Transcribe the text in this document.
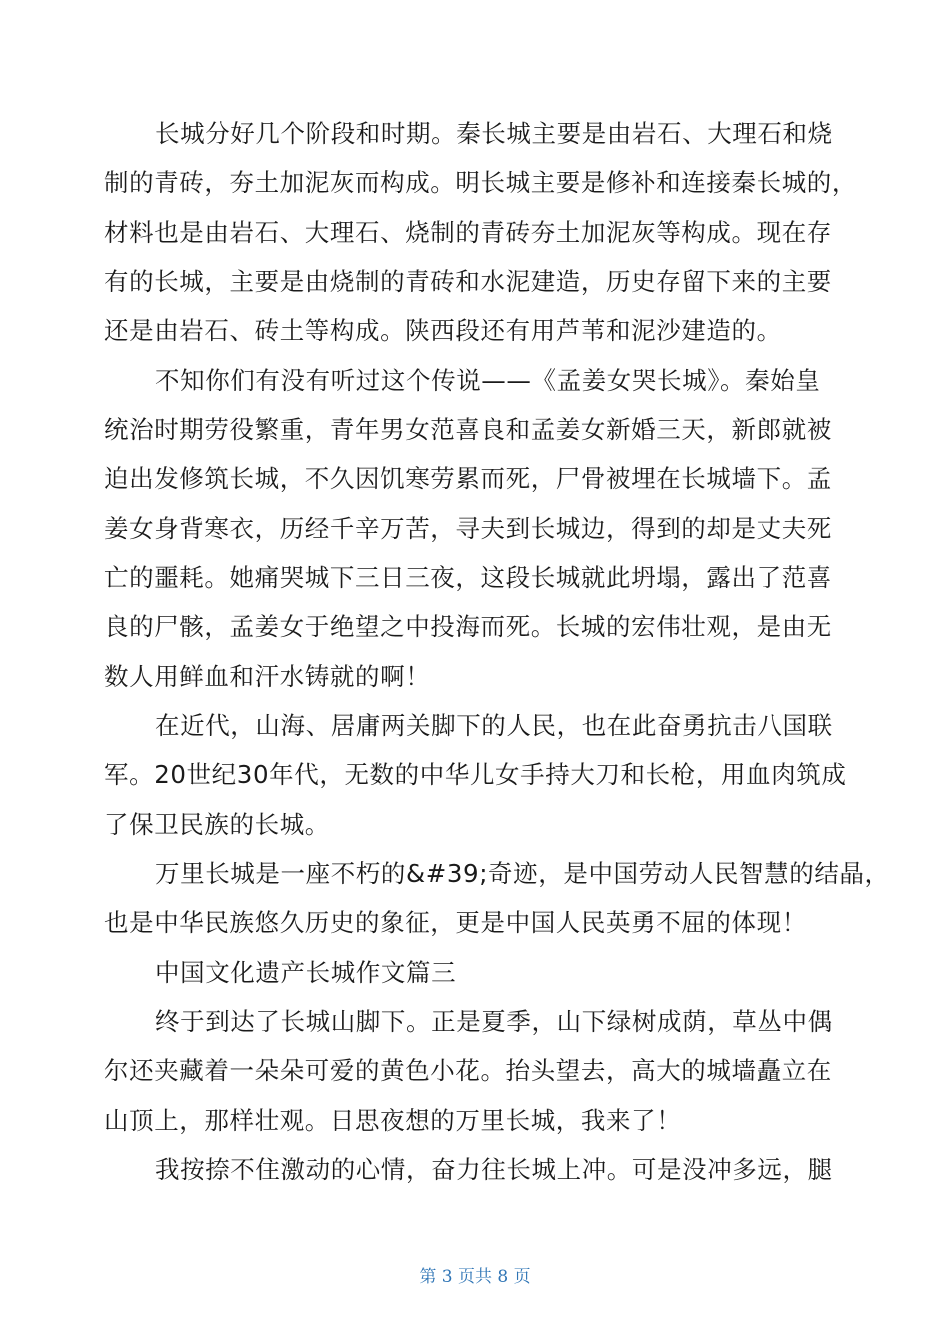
长城分好几个阶段和时期。秦长城主要是由岩石、大理石和烧
制的青砖，夯土加泥灰而构成。明长城主要是修补和连接秦长城的，
材料也是由岩石、大理石、烧制的青砖夯土加泥灰等构成。现在存
有的长城，主要是由烧制的青砖和水泥建造，历史存留下来的主要
还是由岩石、砖土等构成。陕西段还有用芦苇和泥沙建造的。
不知你们有没有听过这个传说——《孟姜女哭长城》。秦始皇
统治时期劳役繁重，青年男女范喜良和孟姜女新婚三天，新郎就被
迫出发修筑长城，不久因饥寒劳累而死，尸骨被埋在长城墙下。孟
姜女身背寒衣，历经千辛万苦，寻夫到长城边，得到的却是丈夫死
亡的噩耗。她痛哭城下三日三夜，这段长城就此坍塌，露出了范喜
良的尸骸，孟姜女于绝望之中投海而死。长城的宏伟壮观，是由无
数人用鲜血和汗水铸就的啊！
在近代，山海、居庸两关脚下的人民，也在此奋勇抗击八国联
军。20世纪30年代，无数的中华儿女手持大刀和长枪，用血肉筑成
了保卫民族的长城。
万里长城是一座不朽的&#39;奇迹，是中国劳动人民智慧的结晶，
也是中华民族悠久历史的象征，更是中国人民英勇不屈的体现！
中国文化遗产长城作文篇三
终于到达了长城山脚下。正是夏季，山下绿树成荫，草丛中偶
尔还夹藏着一朵朵可爱的黄色小花。抬头望去，高大的城墙矗立在
山顶上，那样壮观。日思夜想的万里长城，我来了！
我按捺不住激动的心情，奋力往长城上冲。可是没冲多远，腿
第 3 页共 8 页
